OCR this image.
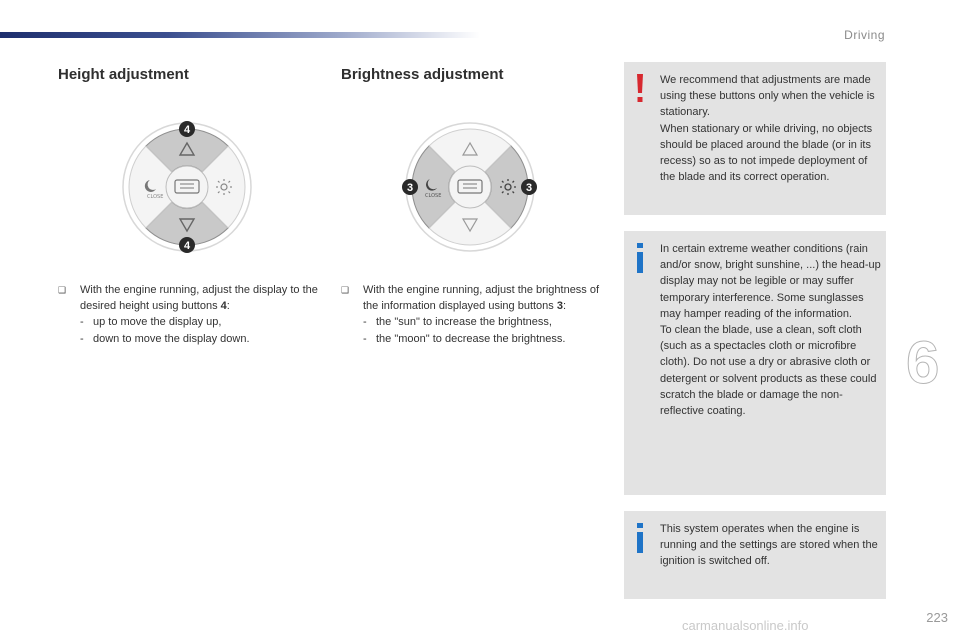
Driving
Height adjustment	Brightness adjustment
CLOSE
4
4
CLOSE
3	3
❑ With the engine running, adjust the display to the desired height using buttons 4:
- up to move the display up,
- down to move the display down.
❑ With the engine running, adjust the brightness of the information displayed using buttons 3:
- the "sun" to increase the brightness,
- the "moon" to decrease the brightness.
We recommend that adjustments are made using these buttons only when the vehicle is stationary.
When stationary or while driving, no objects should be placed around the blade (or in its recess) so as to not impede deployment of the blade and its correct operation.
In certain extreme weather conditions (rain and/or snow, bright sunshine, ...) the head-up display may not be legible or may suffer temporary interference. Some sunglasses may hamper reading of the information.
To clean the blade, use a clean, soft cloth (such as a spectacles cloth or microfibre cloth). Do not use a dry or abrasive cloth or detergent or solvent products as these could scratch the blade or damage the non-reflective coating.
This system operates when the engine is running and the settings are stored when the ignition is switched off.
6
carmanualsonline.info
223
